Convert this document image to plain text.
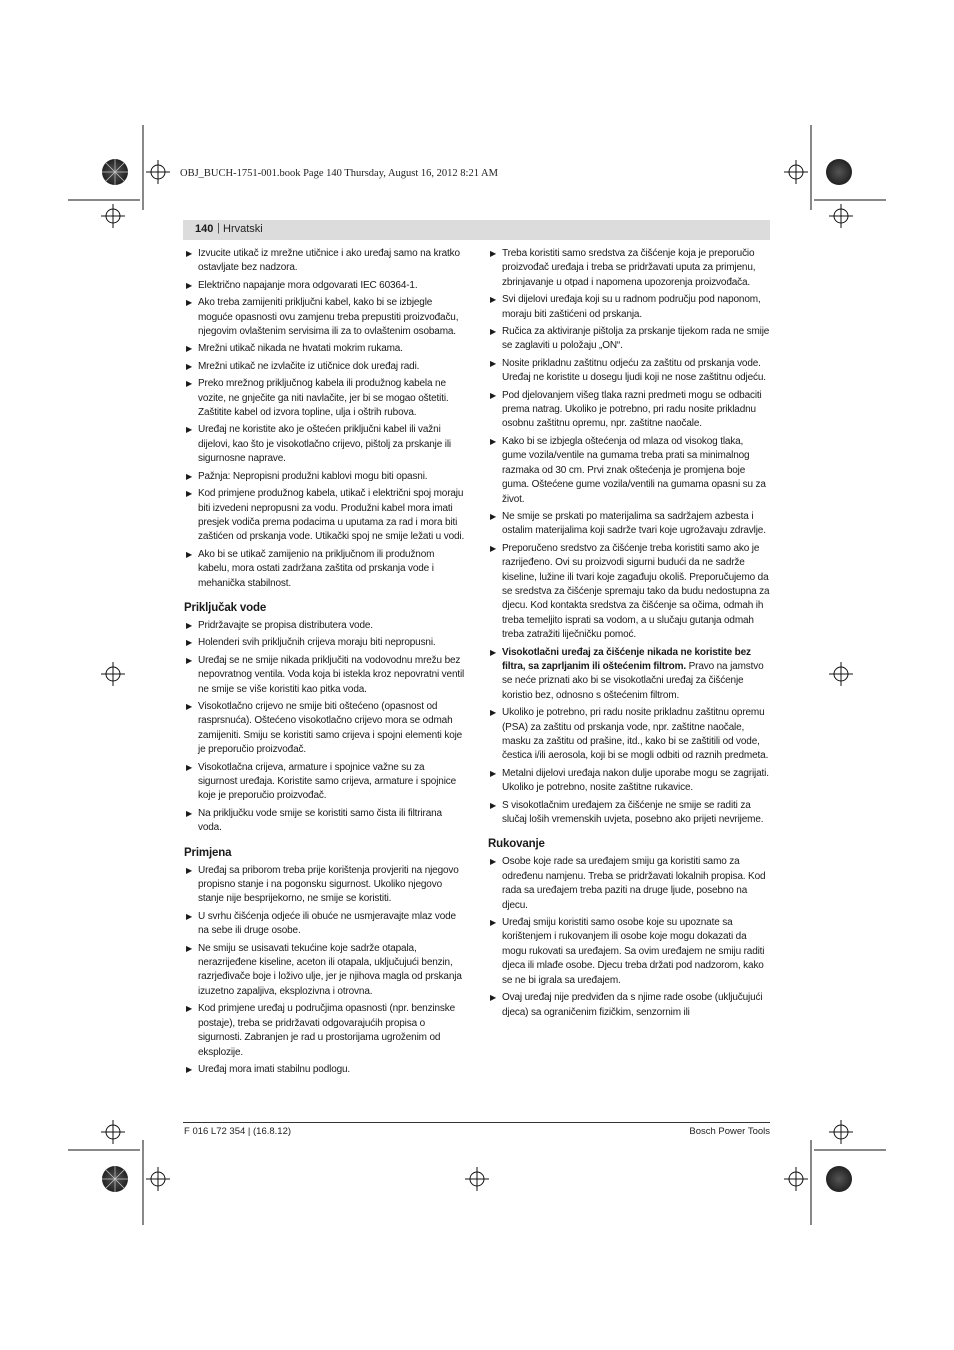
OBJ_BUCH-1751-001.book Page 140 Thursday, August 16, 2012 8:21 AM
140 | Hrvatski
▶ Izvucite utikač iz mrežne utičnice i ako uređaj samo na kratko ostavljate bez nadzora.
▶ Električno napajanje mora odgovarati IEC 60364-1.
▶ Ako treba zamijeniti priključni kabel, kako bi se izbjegle moguće opasnosti ovu zamjenu treba prepustiti proizvođaču, njegovim ovlaštenim servisima ili za to ovlaštenim osobama.
▶ Mrežni utikač nikada ne hvatati mokrim rukama.
▶ Mrežni utikač ne izvlačite iz utičnice dok uređaj radi.
▶ Preko mrežnog priključnog kabela ili produžnog kabela ne vozite, ne gnječite ga niti navlačite, jer bi se mogao oštetiti. Zaštitite kabel od izvora topline, ulja i oštrih rubova.
▶ Uređaj ne koristite ako je oštećen priključni kabel ili važni dijelovi, kao što je visokotlačno crijevo, pištolj za prskanje ili sigurnosne naprave.
▶ Pažnja: Nepropisni produžni kablovi mogu biti opasni.
▶ Kod primjene produžnog kabela, utikač i električni spoj moraju biti izvedeni nepropusni za vodu. Produžni kabel mora imati presjek vodiča prema podacima u uputama za rad i mora biti zaštićen od prskanja vode. Utikački spoj ne smije ležati u vodi.
▶ Ako bi se utikač zamijenio na priključnom ili produžnom kabelu, mora ostati zadržana zaštita od prskanja vode i mehanička stabilnost.
Priključak vode
▶ Pridržavajte se propisa distributera vode.
▶ Holenderi svih priključnih crijeva moraju biti nepropusni.
▶ Uređaj se ne smije nikada priključiti na vodovodnu mrežu bez nepovratnog ventila. Voda koja bi istekla kroz nepovratni ventil ne smije se više koristiti kao pitka voda.
▶ Visokotlačno crijevo ne smije biti oštećeno (opasnost od rasprsnuća). Oštećeno visokotlačno crijevo mora se odmah zamijeniti. Smiju se koristiti samo crijeva i spojni elementi koje je preporučio proizvođač.
▶ Visokotlačna crijeva, armature i spojnice važne su za sigurnost uređaja. Koristite samo crijeva, armature i spojnice koje je preporučio proizvođač.
▶ Na priključku vode smije se koristiti samo čista ili filtrirana voda.
Primjena
▶ Uređaj sa priborom treba prije korištenja provjeriti na njegovo propisno stanje i na pogonsku sigurnost. Ukoliko njegovo stanje nije besprijekorno, ne smije se koristiti.
▶ U svrhu čišćenja odjeće ili obuće ne usmjeravajte mlaz vode na sebe ili druge osobe.
▶ Ne smiju se usisavati tekućine koje sadrže otapala, nerazrijeđene kiseline, aceton ili otapala, uključujući benzin, razrjeđivače boje i loživo ulje, jer je njihova magla od prskanja izuzetno zapaljiva, eksplozivna i otrovna.
▶ Kod primjene uređaj u područjima opasnosti (npr. benzinske postaje), treba se pridržavati odgovarajućih propisa o sigurnosti. Zabranjen je rad u prostorijama ugroženim od eksplozije.
▶ Uređaj mora imati stabilnu podlogu.
▶ Treba koristiti samo sredstva za čišćenje koja je preporučio proizvođač uređaja i treba se pridržavati uputa za primjenu, zbrinjavanje u otpad i napomena upozorenja proizvođača.
▶ Svi dijelovi uređaja koji su u radnom području pod naponom, moraju biti zaštićeni od prskanja.
▶ Ručica za aktiviranje pištolja za prskanje tijekom rada ne smije se zaglaviti u položaju „ON“.
▶ Nosite prikladnu zaštitnu odjeću za zaštitu od prskanja vode. Uređaj ne koristite u dosegu ljudi koji ne nose zaštitnu odjeću.
▶ Pod djelovanjem višeg tlaka razni predmeti mogu se odbaciti prema natrag. Ukoliko je potrebno, pri radu nosite prikladnu osobnu zaštitnu opremu, npr. zaštitne naočale.
▶ Kako bi se izbjegla oštećenja od mlaza od visokog tlaka, gume vozila/ventile na gumama treba prati sa minimalnog razmaka od 30 cm. Prvi znak oštećenja je promjena boje guma. Oštećene gume vozila/ventili na gumama opasni su za život.
▶ Ne smije se prskati po materijalima sa sadržajem azbesta i ostalim materijalima koji sadrže tvari koje ugrožavaju zdravlje.
▶ Preporučeno sredstvo za čišćenje treba koristiti samo ako je razrijeđeno. Ovi su proizvodi sigurni budući da ne sadrže kiseline, lužine ili tvari koje zagađuju okoliš. Preporučujemo da se sredstva za čišćenje spremaju tako da budu nedostupna za djecu. Kod kontakta sredstva za čišćenje sa očima, odmah ih treba temeljito isprati sa vodom, a u slučaju gutanja odmah treba zatražiti liječničku pomoć.
▶ Visokotlačni uređaj za čišćenje nikada ne koristite bez filtra, sa zaprljanim ili oštećenim filtrom. Pravo na jamstvo se neće priznati ako bi se visokotlačni uređaj za čišćenje koristio bez, odnosno s oštećenim filtrom.
▶ Ukoliko je potrebno, pri radu nosite prikladnu zaštitnu opremu (PSA) za zaštitu od prskanja vode, npr. zaštitne naočale, masku za zaštitu od prašine, itd., kako bi se zaštitili od vode, čestica i/ili aerosola, koji bi se mogli odbiti od raznih predmeta.
▶ Metalni dijelovi uređaja nakon dulje uporabe mogu se zagrijati. Ukoliko je potrebno, nosite zaštitne rukavice.
▶ S visokotlačnim uređajem za čišćenje ne smije se raditi za slučaj loših vremenskih uvjeta, posebno ako prijeti nevrijeme.
Rukovanje
▶ Osobe koje rade sa uređajem smiju ga koristiti samo za određenu namjenu. Treba se pridržavati lokalnih propisa. Kod rada sa uređajem treba paziti na druge ljude, posebno na djecu.
▶ Uređaj smiju koristiti samo osobe koje su upoznate sa korištenjem i rukovanjem ili osobe koje mogu dokazati da mogu rukovati sa uređajem. Sa ovim uređajem ne smiju raditi djeca ili mlađe osobe. Djecu treba držati pod nadzorom, kako se ne bi igrala sa uređajem.
▶ Ovaj uređaj nije predviđen da s njime rade osobe (uključujući djeca) sa ograničenim fizičkim, senzornim ili
F 016 L72 354 | (16.8.12)	Bosch Power Tools
